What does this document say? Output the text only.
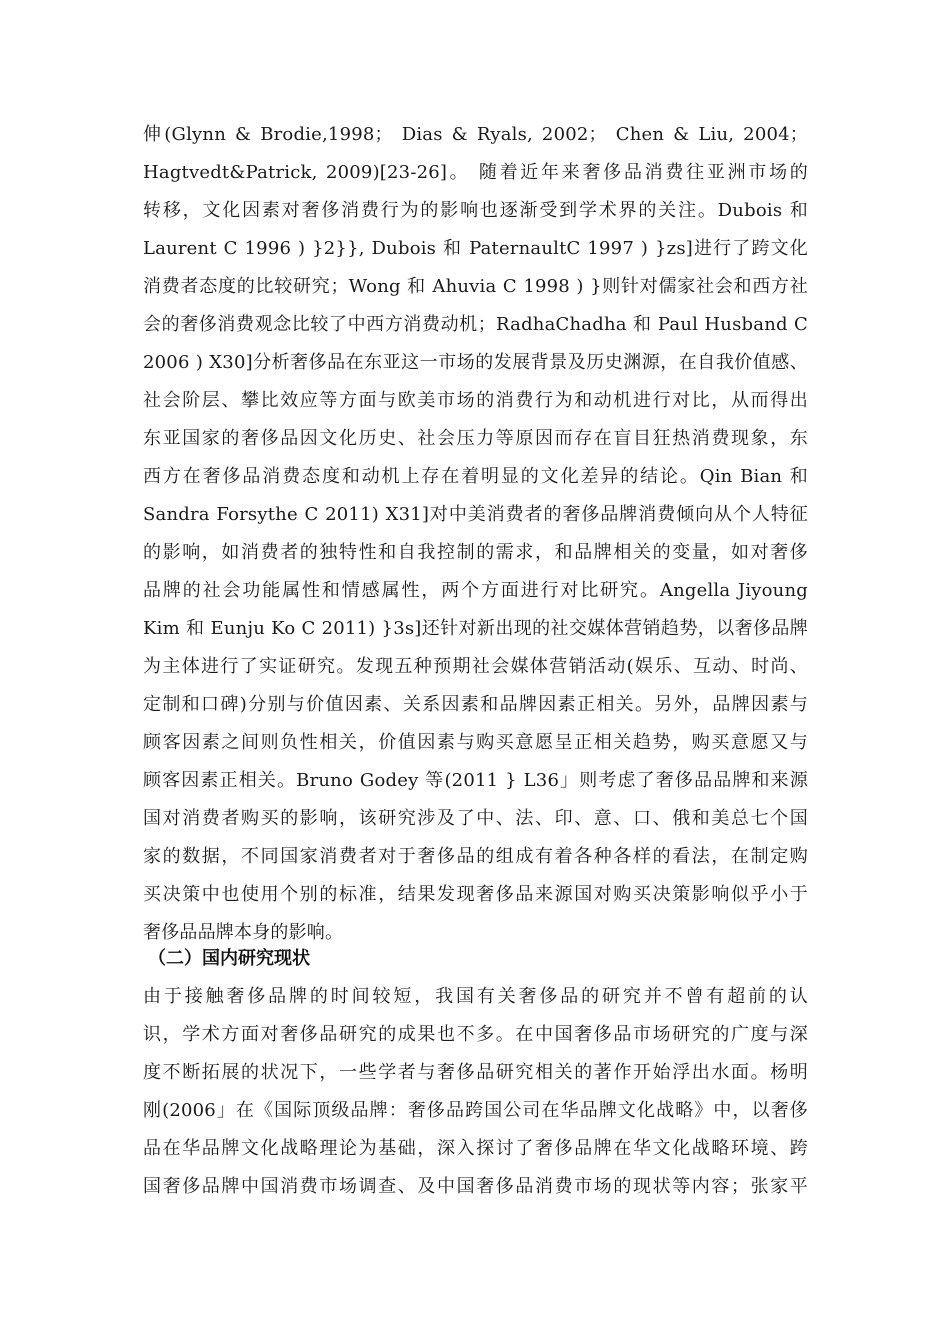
伸(Glynn & Brodie,1998； Dias & Ryals, 2002； Chen & Liu, 2004；
Hagtvedt&Patrick, 2009)[23-26]。 随着近年来奢侈品消费往亚洲市场的
转移，文化因素对奢侈消费行为的影响也逐渐受到学术界的关注。Dubois 和
Laurent C 1996 ) }2}}, Dubois 和 PaternaultC 1997 ) }zs]进行了跨文化
消费者态度的比较研究；Wong 和 Ahuvia C 1998 ) }则针对儒家社会和西方社
会的奢侈消费观念比较了中西方消费动机；RadhaChadha 和 Paul Husband C
2006 ) X30]分析奢侈品在东亚这一市场的发展背景及历史渊源，在自我价值感、
社会阶层、攀比效应等方面与欧美市场的消费行为和动机进行对比，从而得出
东亚国家的奢侈品因文化历史、社会压力等原因而存在盲目狂热消费现象，东
西方在奢侈品消费态度和动机上存在着明显的文化差异的结论。Qin Bian 和
Sandra Forsythe C 2011) X31]对中美消费者的奢侈品牌消费倾向从个人特征
的影响，如消费者的独特性和自我控制的需求，和品牌相关的变量，如对奢侈
品牌的社会功能属性和情感属性，两个方面进行对比研究。Angella Jiyoung
Kim 和 Eunju Ko C 2011) }3s]还针对新出现的社交媒体营销趋势，以奢侈品牌
为主体进行了实证研究。发现五种预期社会媒体营销活动(娱乐、互动、时尚、
定制和口碑)分别与价值因素、关系因素和品牌因素正相关。另外，品牌因素与
顾客因素之间则负性相关，价值因素与购买意愿呈正相关趋势，购买意愿又与
顾客因素正相关。Bruno Godey 等(2011 } L36」则考虑了奢侈品品牌和来源
国对消费者购买的影响，该研究涉及了中、法、印、意、口、俄和美总七个国
家的数据，不同国家消费者对于奢侈品的组成有着各种各样的看法，在制定购
买决策中也使用个别的标准，结果发现奢侈品来源国对购买决策影响似乎小于
奢侈品品牌本身的影响。
（二）国内研究现状
由于接触奢侈品牌的时间较短，我国有关奢侈品的研究并不曾有超前的认
识，学术方面对奢侈品研究的成果也不多。在中国奢侈品市场研究的广度与深
度不断拓展的状况下，一些学者与奢侈品研究相关的著作开始浮出水面。杨明
刚(2006」在《国际顶级品牌：奢侈品跨国公司在华品牌文化战略》中，以奢侈
品在华品牌文化战略理论为基础，深入探讨了奢侈品牌在华文化战略环境、跨
国奢侈品牌中国消费市场调查、及中国奢侈品消费市场的现状等内容；张家平
